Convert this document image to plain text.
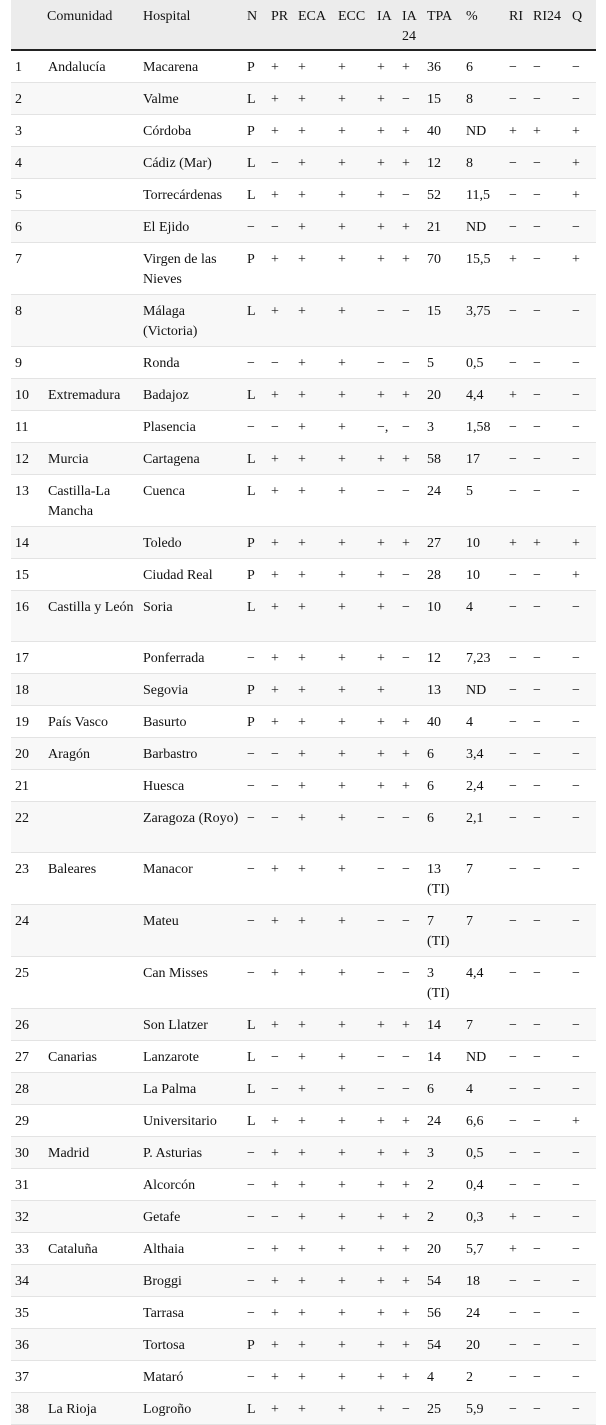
	Comunidad	Hospital	N	PR	ECA	ECC	IA	IA 24	TPA	%	RI	RI24	Q
1	Andalucía	Macarena	P	+	+	+	+	+	36	6	−	−	−
2		Valme	L	+	+	+	+	−	15	8	−	−	−
3		Córdoba	P	+	+	+	+	+	40	ND	+	+	+
4		Cádiz (Mar)	L	−	+	+	+	+	12	8	−	−	+
5		Torrecárdenas	L	+	+	+	+	−	52	11,5	−	−	+
6		El Ejido	−	−	+	+	+	+	21	ND	−	−	−
7		Virgen de las Nieves	P	+	+	+	+	+	70	15,5	+	−	+
8		Málaga (Victoria)	L	+	+	+	−	−	15	3,75	−	−	−
9		Ronda	−	−	+	+	−	−	5	0,5	−	−	−
10	Extremadura	Badajoz	L	+	+	+	+	+	20	4,4	+	−	−
11		Plasencia	−	−	+	+	−,	−	3	1,58	−	−	−
12	Murcia	Cartagena	L	+	+	+	+	+	58	17	−	−	−
13	Castilla-La Mancha	Cuenca	L	+	+	+	−	−	24	5	−	−	−
14		Toledo	P	+	+	+	+	+	27	10	+	+	+
15		Ciudad Real	P	+	+	+	+	−	28	10	−	−	+
16	Castilla y León	Soria	L	+	+	+	+	−	10	4	−	−	−
17		Ponferrada	−	+	+	+	+	−	12	7,23	−	−	−
18		Segovia	P	+	+	+	+		13	ND	−	−	−
19	País Vasco	Basurto	P	+	+	+	+	+	40	4	−	−	−
20	Aragón	Barbastro	−	−	+	+	+	+	6	3,4	−	−	−
21		Huesca	−	−	+	+	+	+	6	2,4	−	−	−
22		Zaragoza (Royo)	−	−	+	+	−	−	6	2,1	−	−	−
23	Baleares	Manacor	−	+	+	+	−	−	13 (TI)	7	−	−	−
24		Mateu	−	+	+	+	−	−	7 (TI)	7	−	−	−
25		Can Misses	−	+	+	+	−	−	3 (TI)	4,4	−	−	−
26		Son Llatzer	L	+	+	+	+	+	14	7	−	−	−
27	Canarias	Lanzarote	L	−	+	+	−	−	14	ND	−	−	−
28		La Palma	L	−	+	+	−	−	6	4	−	−	−
29		Universitario	L	+	+	+	+	+	24	6,6	−	−	+
30	Madrid	P. Asturias	−	+	+	+	+	+	3	0,5	−	−	−
31		Alcorcón	−	+	+	+	+	+	2	0,4	−	−	−
32		Getafe	−	−	+	+	+	+	2	0,3	+	−	−
33	Cataluña	Althaia	−	+	+	+	+	+	20	5,7	+	−	−
34		Broggi	−	+	+	+	+	+	54	18	−	−	−
35		Tarrasa	−	+	+	+	+	+	56	24	−	−	−
36		Tortosa	P	+	+	+	+	+	54	20	−	−	−
37		Mataró	−	+	+	+	+	+	4	2	−	−	−
38	La Rioja	Logroño	L	+	+	+	+	−	25	5,9	−	−	−
